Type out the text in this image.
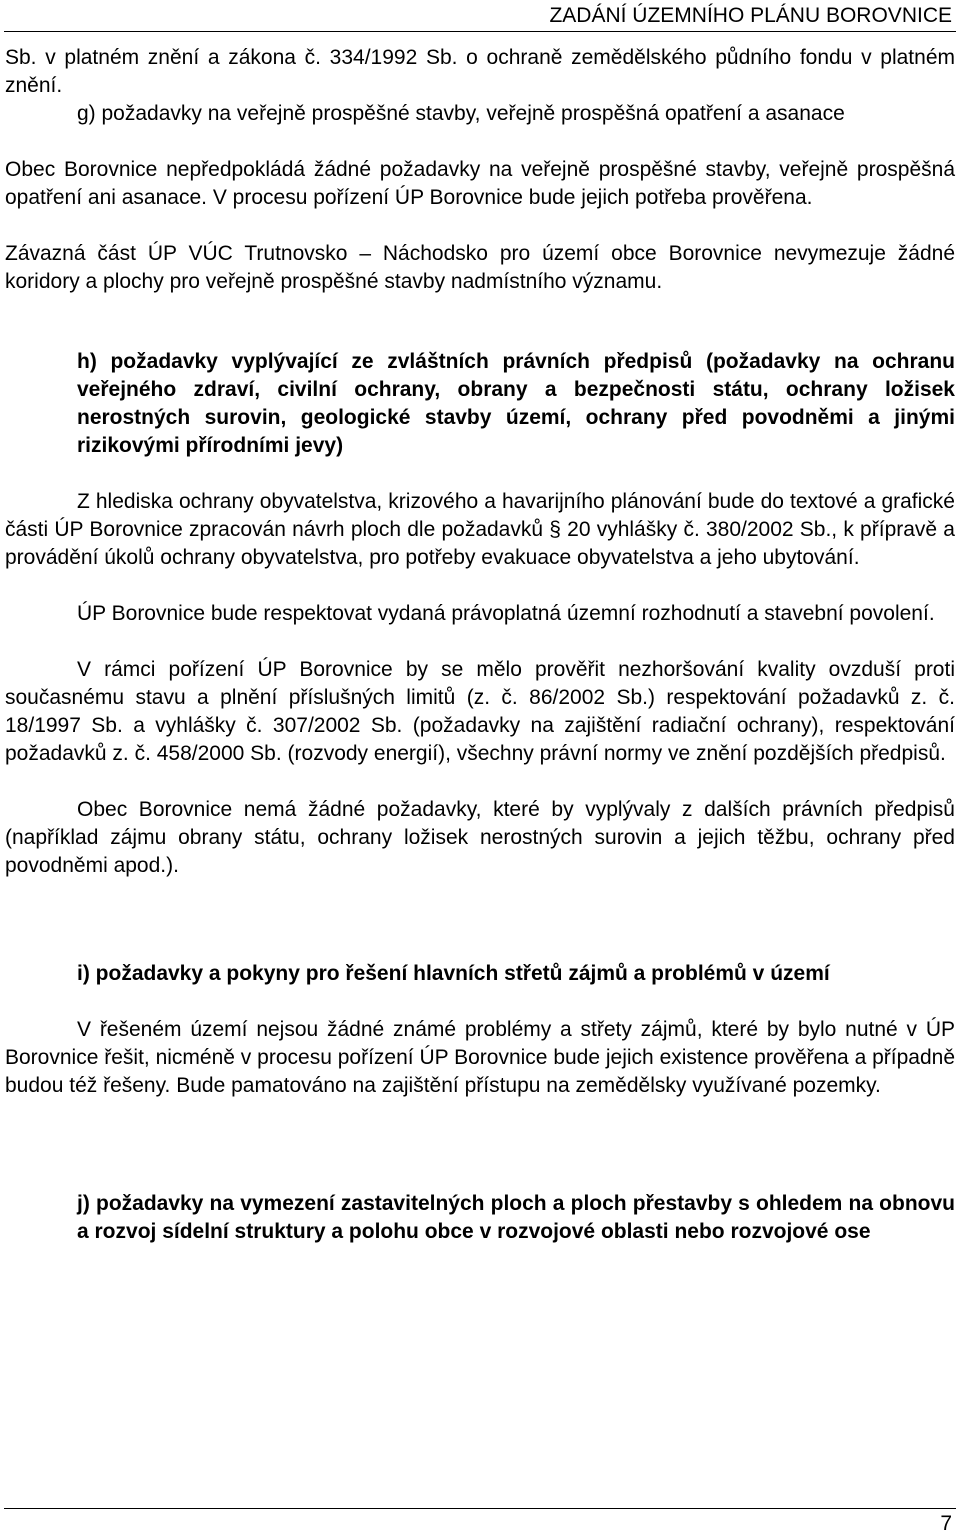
ZADÁNÍ ÚZEMNÍHO PLÁNU BOROVNICE

Sb. v platném znění a zákona č. 334/1992 Sb. o ochraně zemědělského půdního fondu v platném znění.

g) požadavky na veřejně prospěšné stavby, veřejně prospěšná opatření a asanace

Obec Borovnice nepředpokládá žádné požadavky na veřejně prospěšné stavby, veřejně prospěšná opatření ani asanace. V procesu pořízení ÚP Borovnice bude jejich potřeba prověřena.

Závazná část ÚP VÚC Trutnovsko – Náchodsko pro území obce Borovnice nevymezuje žádné koridory a plochy pro veřejně prospěšné stavby nadmístního významu.

h) požadavky vyplývající ze zvláštních právních předpisů (požadavky na ochranu veřejného zdraví, civilní ochrany, obrany a bezpečnosti státu, ochrany ložisek nerostných surovin, geologické stavby území, ochrany před povodněmi a jinými rizikovými přírodními jevy)

Z hlediska ochrany obyvatelstva, krizového a havarijního plánování bude do textové a grafické části ÚP Borovnice zpracován návrh ploch dle požadavků § 20 vyhlášky č. 380/2002 Sb., k přípravě a provádění úkolů ochrany obyvatelstva, pro potřeby evakuace obyvatelstva a jeho ubytování.

ÚP Borovnice bude respektovat vydaná právoplatná územní rozhodnutí a stavební povolení.

V rámci pořízení ÚP Borovnice by se mělo prověřit nezhoršování kvality ovzduší proti současnému stavu a plnění příslušných limitů (z. č. 86/2002 Sb.) respektování požadavků z. č. 18/1997 Sb. a vyhlášky č. 307/2002 Sb. (požadavky na zajištění radiační ochrany), respektování požadavků z. č. 458/2000 Sb. (rozvody energií), všechny právní normy ve znění pozdějších předpisů.

Obec Borovnice nemá žádné požadavky, které by vyplývaly z dalších právních předpisů (například zájmu obrany státu, ochrany ložisek nerostných surovin a jejich těžbu, ochrany před povodněmi apod.).

i) požadavky a pokyny pro řešení hlavních střetů zájmů a problémů v území

V řešeném území nejsou žádné známé problémy a střety zájmů, které by bylo nutné v ÚP Borovnice řešit, nicméně v procesu pořízení ÚP Borovnice bude jejich existence prověřena a případně budou též řešeny. Bude pamatováno na zajištění přístupu na zemědělsky využívané pozemky.

j) požadavky na vymezení zastavitelných ploch a ploch přestavby s ohledem na obnovu a rozvoj sídelní struktury a polohu obce v rozvojové oblasti nebo rozvojové ose

7
